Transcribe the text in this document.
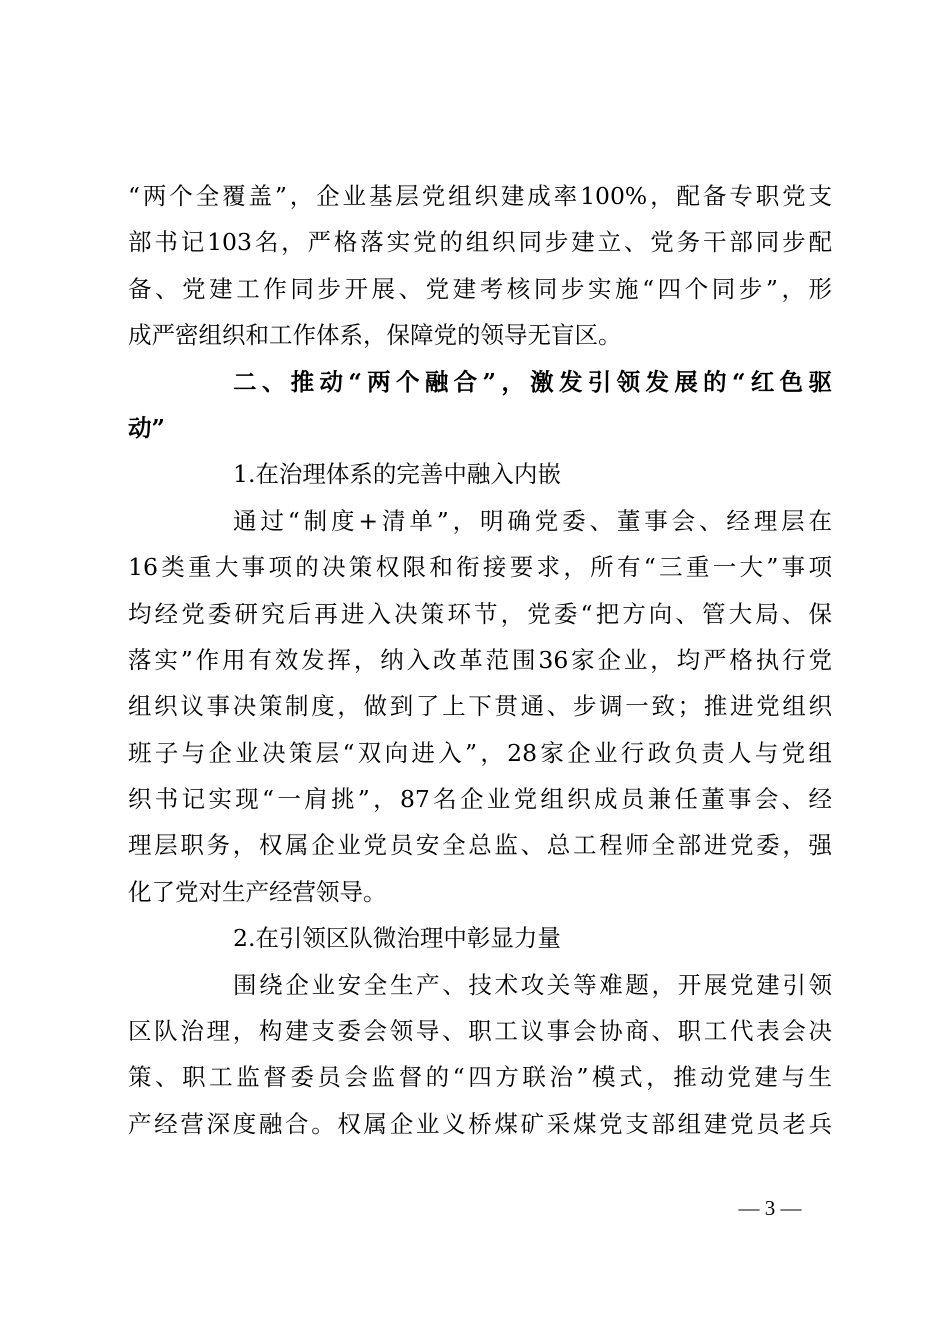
“两个全覆盖”，企业基层党组织建成率100%，配备专职党支
部书记103名，严格落实党的组织同步建立、党务干部同步配
备、党建工作同步开展、党建考核同步实施“四个同步”，形
成严密组织和工作体系，保障党的领导无盲区。
二、推动“两个融合”，激发引领发展的“红色驱
动”
1.在治理体系的完善中融入内嵌
通过“制度+清单”，明确党委、董事会、经理层在
16类重大事项的决策权限和衔接要求，所有“三重一大”事项
均经党委研究后再进入决策环节，党委“把方向、管大局、保
落实”作用有效发挥，纳入改革范围36家企业，均严格执行党
组织议事决策制度，做到了上下贯通、步调一致；推进党组织
班子与企业决策层“双向进入”，28家企业行政负责人与党组
织书记实现“一肩挑”，87名企业党组织成员兼任董事会、经
理层职务，权属企业党员安全总监、总工程师全部进党委，强
化了党对生产经营领导。
2.在引领区队微治理中彰显力量
围绕企业安全生产、技术攻关等难题，开展党建引领
区队治理，构建支委会领导、职工议事会协商、职工代表会决
策、职工监督委员会监督的“四方联治”模式，推动党建与生
产经营深度融合。权属企业义桥煤矿采煤党支部组建党员老兵
— 3 —
